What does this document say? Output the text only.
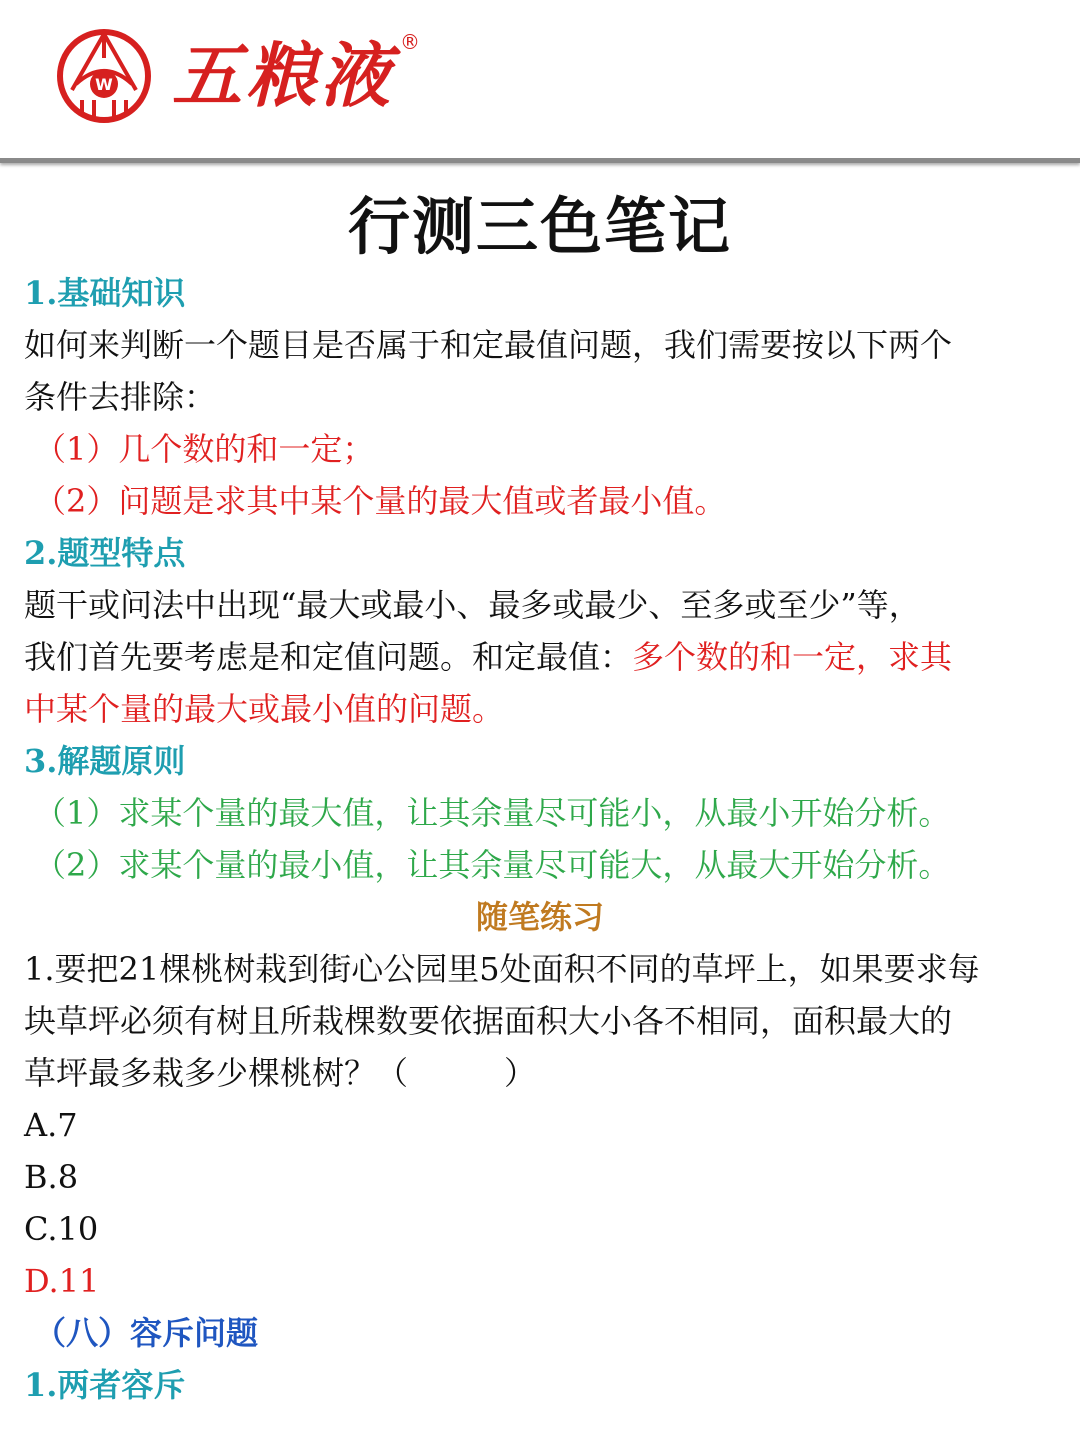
W 五粮液 ®
行测三色笔记
1.基础知识
如何来判断一个题目是否属于和定最值问题，我们需要按以下两个
条件去排除：
（1）几个数的和一定；
（2）问题是求其中某个量的最大值或者最小值。
2.题型特点
题干或问法中出现“最大或最小、最多或最少、至多或至少”等，
我们首先要考虑是和定值问题。和定最值：多个数的和一定，求其
中某个量的最大或最小值的问题。
3.解题原则
（1）求某个量的最大值，让其余量尽可能小，从最小开始分析。
（2）求某个量的最小值，让其余量尽可能大，从最大开始分析。
随笔练习
1.要把21棵桃树栽到街心公园里5处面积不同的草坪上，如果要求每
块草坪必须有树且所栽棵数要依据面积大小各不相同，面积最大的
草坪最多栽多少棵桃树？（　　　）
A.7
B.8
C.10
D.11
（八）容斥问题
1.两者容斥
